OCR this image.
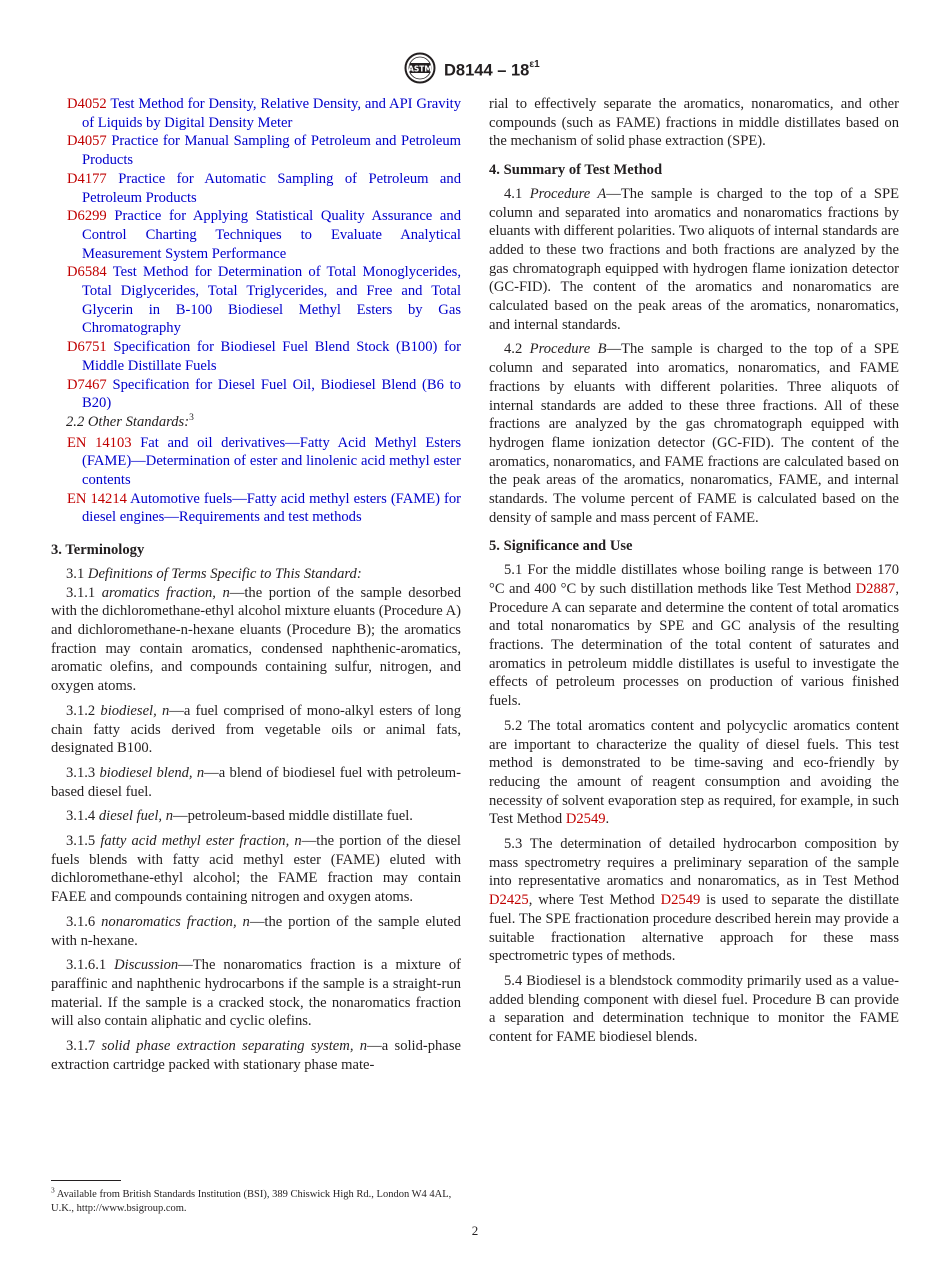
ASTM $D8144 - 18^{\varepsilon 1}$

D4052 Test Method for Density, Relative Density, and API Gravity of Liquids by Digital Density Meter

D4057 Practice for Manual Sampling of Petroleum and Petroleum Products

D4177 Practice for Automatic Sampling of Petroleum and Petroleum Products

D6299 Practice for Applying Statistical Quality Assurance and Control Charting Techniques to Evaluate Analytical Measurement System Performance

D6584 Test Method for Determination of Total Monoglycerides, Total Diglycerides, Total Triglycerides, and Free and Total Glycerin in B-100 Biodiesel Methyl Esters by Gas Chromatography

D6751 Specification for Biodiesel Fuel Blend Stock (B100) for Middle Distillate Fuels

D7467 Specification for Diesel Fuel Oil, Biodiesel Blend (B6 to B20)

2.2 Other Standards:$^3$

EN 14103 Fat and oil derivatives—Fatty Acid Methyl Esters (FAME)—Determination of ester and linolenic acid methyl ester contents

EN 14214 Automotive fuels—Fatty acid methyl esters (FAME) for diesel engines—Requirements and test methods

3. Terminology

3.1 Definitions of Terms Specific to This Standard:

3.1.1 aromatics fraction, n—the portion of the sample desorbed with the dichloromethane-ethyl alcohol mixture eluants (Procedure A) and dichloromethane-n-hexane eluants (Procedure B); the aromatics fraction may contain aromatics, condensed naphthenic-aromatics, aromatic olefins, and compounds containing sulfur, nitrogen, and oxygen atoms.

3.1.2 biodiesel, n—a fuel comprised of mono-alkyl esters of long chain fatty acids derived from vegetable oils or animal fats, designated B100.

3.1.3 biodiesel blend, n—a blend of biodiesel fuel with petroleum-based diesel fuel.

3.1.4 diesel fuel, n—petroleum-based middle distillate fuel.

3.1.5 fatty acid methyl ester fraction, n—the portion of the diesel fuels blends with fatty acid methyl ester (FAME) eluted with dichloromethane-ethyl alcohol; the FAME fraction may contain FAEE and compounds containing nitrogen and oxygen atoms.

3.1.6 nonaromatics fraction, n—the portion of the sample eluted with n-hexane.

3.1.6.1 Discussion—The nonaromatics fraction is a mixture of paraffinic and naphthenic hydrocarbons if the sample is a straight-run material. If the sample is a cracked stock, the nonaromatics fraction will also contain aliphatic and cyclic olefins.

3.1.7 solid phase extraction separating system, n—a solid-phase extraction cartridge packed with stationary phase mate-

rial to effectively separate the aromatics, nonaromatics, and other compounds (such as FAME) fractions in middle distillates based on the mechanism of solid phase extraction (SPE).

4. Summary of Test Method

4.1 Procedure A—The sample is charged to the top of a SPE column and separated into aromatics and nonaromatics fractions by eluants with different polarities. Two aliquots of internal standards are added to these two fractions and both fractions are analyzed by the gas chromatograph equipped with hydrogen flame ionization detector (GC-FID). The content of the aromatics and nonaromatics are calculated based on the peak areas of the aromatics, nonaromatics, and internal standards.

4.2 Procedure B—The sample is charged to the top of a SPE column and separated into aromatics, nonaromatics, and FAME fractions by eluants with different polarities. Three aliquots of internal standards are added to these three fractions. All of these fractions are analyzed by the gas chromatograph equipped with hydrogen flame ionization detector (GC-FID). The content of the aromatics, nonaromatics, and FAME fractions are calculated based on the peak areas of the aromatics, nonaromatics, FAME, and internal standards. The volume percent of FAME is calculated based on the density of sample and mass percent of FAME.

5. Significance and Use

5.1 For the middle distillates whose boiling range is between 170 °C and 400 °C by such distillation methods like Test Method D2887, Procedure A can separate and determine the content of total aromatics and total nonaromatics by SPE and GC analysis of the resulting fractions. The determination of the total content of saturates and aromatics in petroleum middle distillates is useful to investigate the effects of petroleum processes on production of various finished fuels.

5.2 The total aromatics content and polycyclic aromatics content are important to characterize the quality of diesel fuels. This test method is demonstrated to be time-saving and eco-friendly by reducing the amount of reagent consumption and avoiding the necessity of solvent evaporation step as required, for example, in such Test Method D2549.

5.3 The determination of detailed hydrocarbon composition by mass spectrometry requires a preliminary separation of the sample into representative aromatics and nonaromatics, as in Test Method D2425, where Test Method D2549 is used to separate the distillate fuel. The SPE fractionation procedure described herein may provide a suitable fractionation alternative approach for these mass spectrometric types of methods.

5.4 Biodiesel is a blendstock commodity primarily used as a value-added blending component with diesel fuel. Procedure B can provide a separation and determination technique to monitor the FAME content for FAME biodiesel blends.

$^3$ Available from British Standards Institution (BSI), 389 Chiswick High Rd., London W4 4AL, U.K., http://www.bsigroup.com.

2
